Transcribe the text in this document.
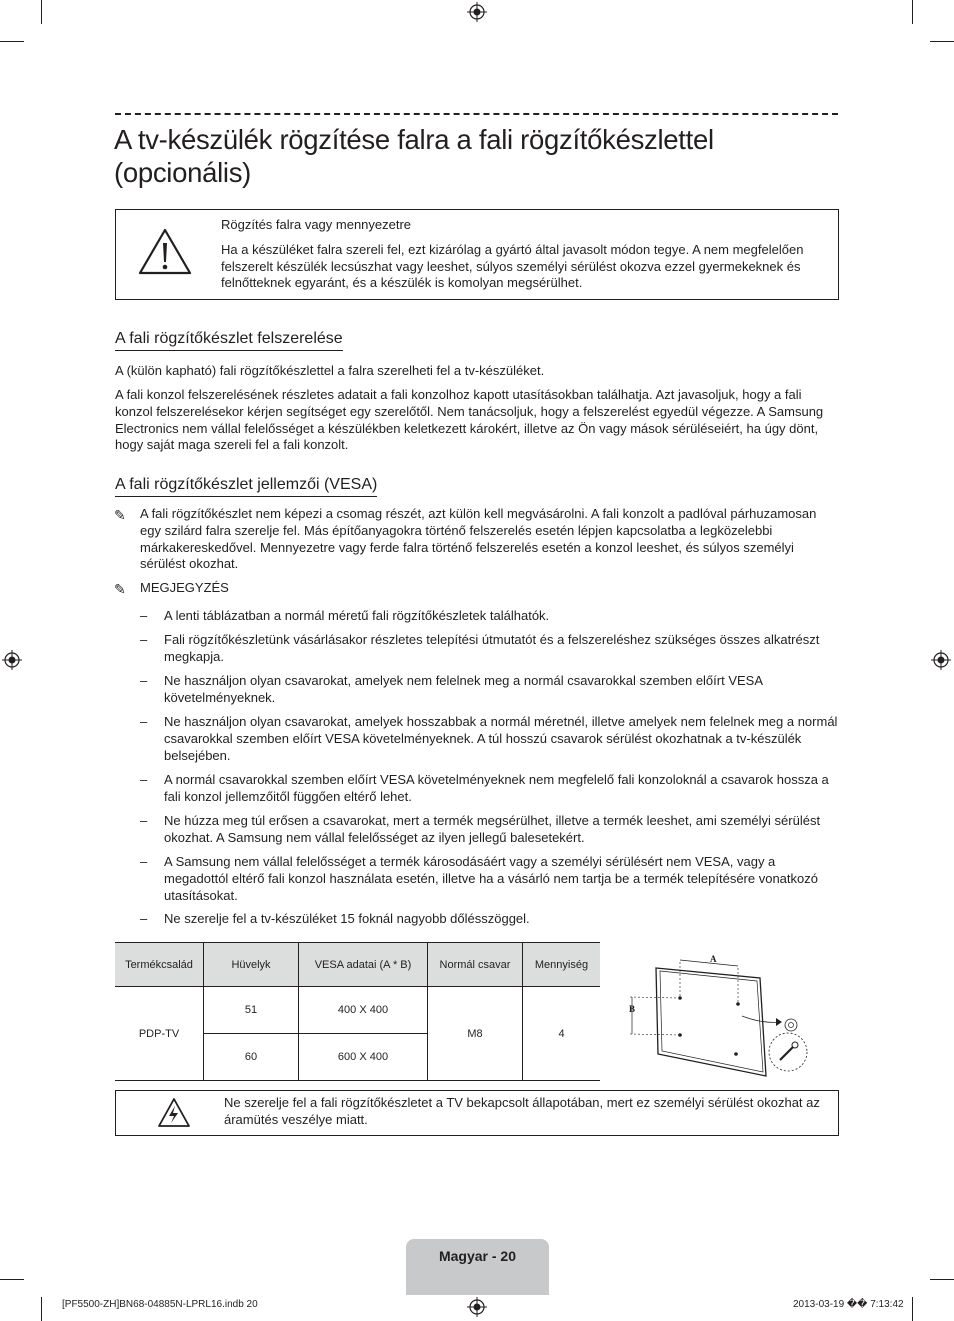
A tv-készülék rögzítése falra a fali rögzítőkészlettel (opcionális)
Rögzítés falra vagy mennyezetre
Ha a készüléket falra szereli fel, ezt kizárólag a gyártó által javasolt módon tegye. A nem megfelelően felszerelt készülék lecsúszhat vagy leeshet, súlyos személyi sérülést okozva ezzel gyermekeknek és felnőtteknek egyaránt, és a készülék is komolyan megsérülhet.
A fali rögzítőkészlet felszerelése

A (külön kapható) fali rögzítőkészlettel a falra szerelheti fel a tv-készüléket.

A fali konzol felszerelésének részletes adatait a fali konzolhoz kapott utasításokban találhatja. Azt javasoljuk, hogy a fali konzol felszerelésekor kérjen segítséget egy szerelőtől. Nem tanácsoljuk, hogy a felszerelést egyedül végezze. A Samsung Electronics nem vállal felelősséget a készülékben keletkezett károkért, illetve az Ön vagy mások sérüléseiért, ha úgy dönt, hogy saját maga szereli fel a fali konzolt.

A fali rögzítőkészlet jellemzői (VESA)
✎ A fali rögzítőkészlet nem képezi a csomag részét, azt külön kell megvásárolni. A fali konzolt a padlóval párhuzamosan egy szilárd falra szerelje fel. Más építőanyagokra történő felszerelés esetén lépjen kapcsolatba a legközelebbi márkakereskedővel. Mennyezetre vagy ferde falra történő felszerelés esetén a konzol leeshet, és súlyos személyi sérülést okozhat.
✎ MEGJEGYZÉS
– A lenti táblázatban a normál méretű fali rögzítőkészletek találhatók.
– Fali rögzítőkészletünk vásárlásakor részletes telepítési útmutatót és a felszereléshez szükséges összes alkatrészt megkapja.
– Ne használjon olyan csavarokat, amelyek nem felelnek meg a normál csavarokkal szemben előírt VESA követelményeknek.
– Ne használjon olyan csavarokat, amelyek hosszabbak a normál méretnél, illetve amelyek nem felelnek meg a normál csavarokkal szemben előírt VESA követelményeknek. A túl hosszú csavarok sérülést okozhatnak a tv-készülék belsejében.
– A normál csavarokkal szemben előírt VESA követelményeknek nem megfelelő fali konzoloknál a csavarok hossza a fali konzol jellemzőitől függően eltérő lehet.
– Ne húzza meg túl erősen a csavarokat, mert a termék megsérülhet, illetve a termék leeshet, ami személyi sérülést okozhat. A Samsung nem vállal felelősséget az ilyen jellegű balesetekért.
– A Samsung nem vállal felelősséget a termék károsodásáért vagy a személyi sérülésért nem VESA, vagy a megadottól eltérő fali konzol használata esetén, illetve ha a vásárló nem tartja be a termék telepítésére vonatkozó utasításokat.
– Ne szerelje fel a tv-készüléket 15 foknál nagyobb dőlésszöggel.
Termékcsalád	Hüvelyk	VESA adatai (A * B)	Normál csavar	Mennyiség
PDP-TV	51	400 X 400	M8	4
	60	600 X 400		
A
B
Ne szerelje fel a fali rögzítőkészletet a TV bekapcsolt állapotában, mert ez személyi sérülést okozhat az áramütés veszélye miatt.
Magyar - 20
[PF5500-ZH]BN68-04885N-LPRL16.indb 20	2013-03-19 �� 7:13:42
